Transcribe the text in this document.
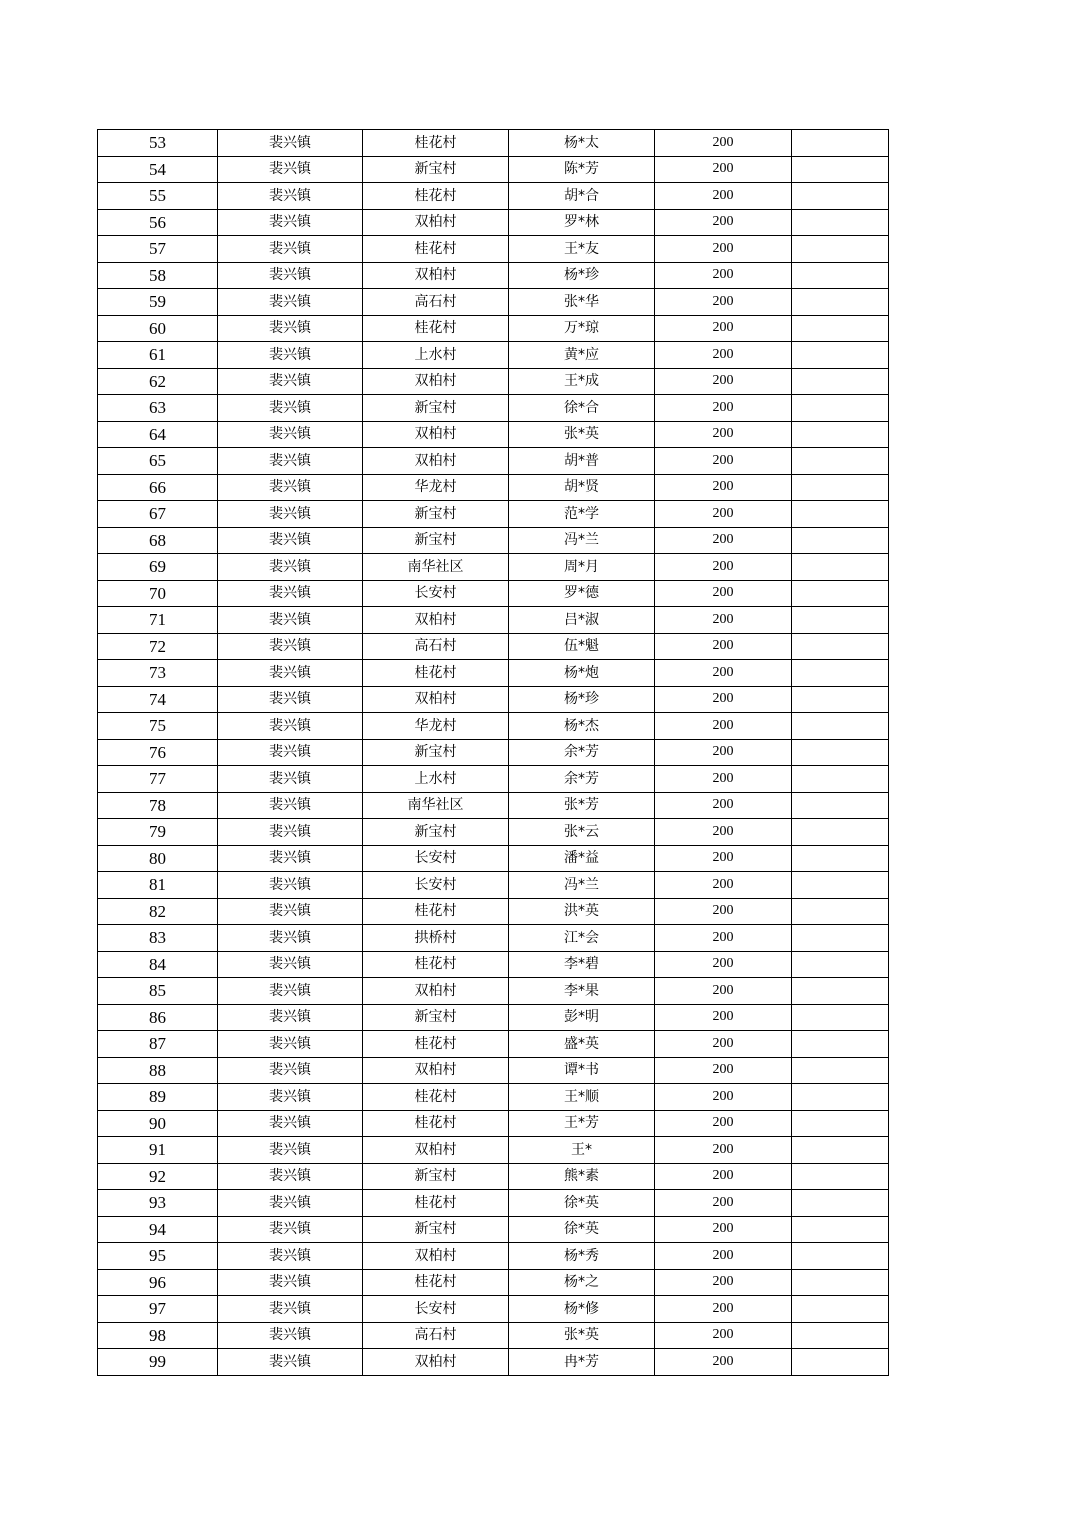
53	裴兴镇	桂花村	杨*太	200	
54	裴兴镇	新宝村	陈*芳	200	
55	裴兴镇	桂花村	胡*合	200	
56	裴兴镇	双柏村	罗*林	200	
57	裴兴镇	桂花村	王*友	200	
58	裴兴镇	双柏村	杨*珍	200	
59	裴兴镇	高石村	张*华	200	
60	裴兴镇	桂花村	万*琼	200	
61	裴兴镇	上水村	黄*应	200	
62	裴兴镇	双柏村	王*成	200	
63	裴兴镇	新宝村	徐*合	200	
64	裴兴镇	双柏村	张*英	200	
65	裴兴镇	双柏村	胡*普	200	
66	裴兴镇	华龙村	胡*贤	200	
67	裴兴镇	新宝村	范*学	200	
68	裴兴镇	新宝村	冯*兰	200	
69	裴兴镇	南华社区	周*月	200	
70	裴兴镇	长安村	罗*德	200	
71	裴兴镇	双柏村	吕*淑	200	
72	裴兴镇	高石村	伍*魁	200	
73	裴兴镇	桂花村	杨*炮	200	
74	裴兴镇	双柏村	杨*珍	200	
75	裴兴镇	华龙村	杨*杰	200	
76	裴兴镇	新宝村	余*芳	200	
77	裴兴镇	上水村	余*芳	200	
78	裴兴镇	南华社区	张*芳	200	
79	裴兴镇	新宝村	张*云	200	
80	裴兴镇	长安村	潘*益	200	
81	裴兴镇	长安村	冯*兰	200	
82	裴兴镇	桂花村	洪*英	200	
83	裴兴镇	拱桥村	江*会	200	
84	裴兴镇	桂花村	李*碧	200	
85	裴兴镇	双柏村	李*果	200	
86	裴兴镇	新宝村	彭*明	200	
87	裴兴镇	桂花村	盛*英	200	
88	裴兴镇	双柏村	谭*书	200	
89	裴兴镇	桂花村	王*顺	200	
90	裴兴镇	桂花村	王*芳	200	
91	裴兴镇	双柏村	王*	200	
92	裴兴镇	新宝村	熊*素	200	
93	裴兴镇	桂花村	徐*英	200	
94	裴兴镇	新宝村	徐*英	200	
95	裴兴镇	双柏村	杨*秀	200	
96	裴兴镇	桂花村	杨*之	200	
97	裴兴镇	长安村	杨*修	200	
98	裴兴镇	高石村	张*英	200	
99	裴兴镇	双柏村	冉*芳	200	
